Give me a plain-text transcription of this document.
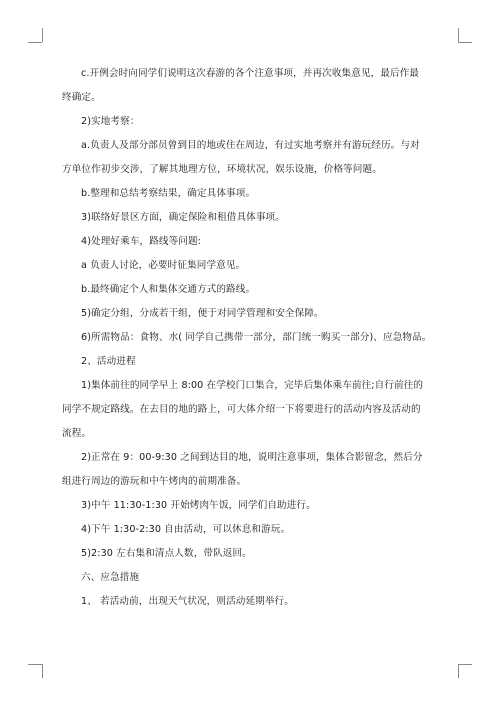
c.开例会时向同学们说明这次春游的各个注意事项，并再次收集意见，最后作最

终确定。

2)实地考察：

a.负责人及部分部员曾到目的地或住在周边，有过实地考察并有游玩经历。与对

方单位作初步交涉，了解其地理方位，环境状况，娱乐设施，价格等问题。

b.整理和总结考察结果，确定具体事项。

3)联络好景区方面，确定保险和租借具体事项。

4)处理好乘车，路线等问题:

a 负责人讨论，必要时征集同学意见。

b.最终确定个人和集体交通方式的路线。

5)确定分组，分成若干组，便于对同学管理和安全保障。

6)所需物品：食物、水( 同学自己携带一部分，部门统一购买一部分)、应急物品。

2、活动进程

1)集体前往的同学早上 8:00 在学校门口集合，完毕后集体乘车前往;自行前往的

同学不规定路线。在去目的地的路上，可大体介绍一下将要进行的活动内容及活动的

流程。

2)正常在 9：00-9:30 之间到达目的地，说明注意事项，集体合影留念，然后分

组进行周边的游玩和中午烤肉的前期准备。

3)中午 11:30-1:30 开始烤肉午饭，同学们自助进行。

4)下午 1:30-2:30 自由活动，可以休息和游玩。

5)2:30 左右集和清点人数，带队返回。

六、应急措施

1、 若活动前，出现天气状况，则活动延期举行。
